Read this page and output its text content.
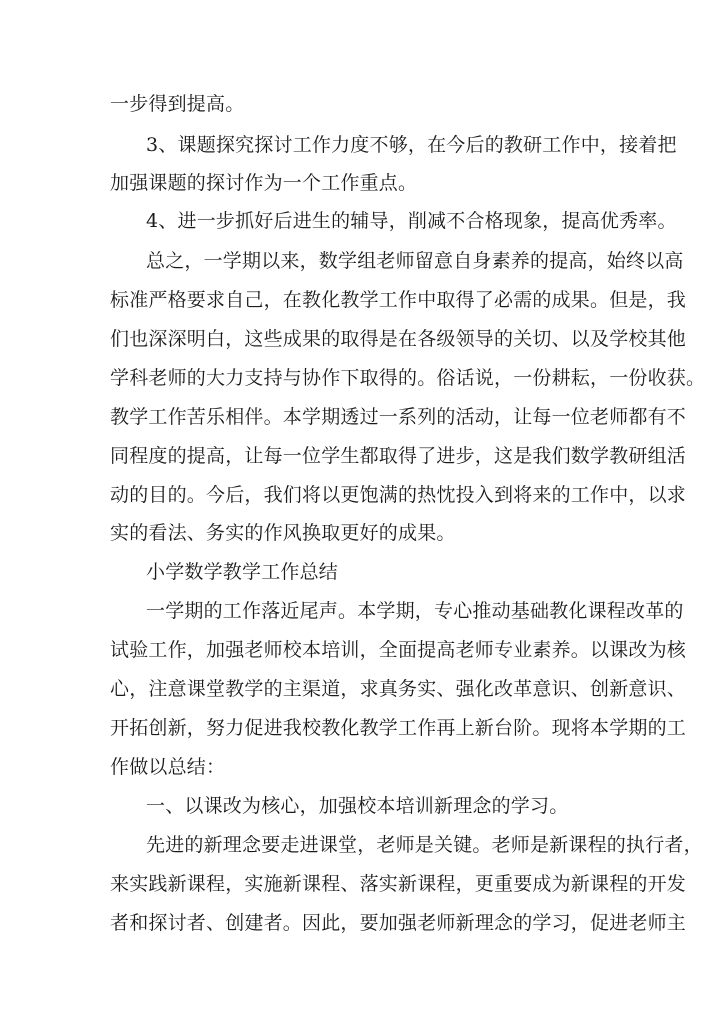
一步得到提高。
3、课题探究探讨工作力度不够，在今后的教研工作中，接着把
加强课题的探讨作为一个工作重点。
4、进一步抓好后进生的辅导，削减不合格现象，提高优秀率。
总之，一学期以来，数学组老师留意自身素养的提高，始终以高
标准严格要求自己，在教化教学工作中取得了必需的成果。但是，我
们也深深明白，这些成果的取得是在各级领导的关切、以及学校其他
学科老师的大力支持与协作下取得的。俗话说，一份耕耘，一份收获。
教学工作苦乐相伴。本学期透过一系列的活动，让每一位老师都有不
同程度的提高，让每一位学生都取得了进步，这是我们数学教研组活
动的目的。今后，我们将以更饱满的热忱投入到将来的工作中，以求
实的看法、务实的作风换取更好的成果。
小学数学教学工作总结
一学期的工作落近尾声。本学期，专心推动基础教化课程改革的
试验工作，加强老师校本培训，全面提高老师专业素养。以课改为核
心，注意课堂教学的主渠道，求真务实、强化改革意识、创新意识、
开拓创新，努力促进我校教化教学工作再上新台阶。现将本学期的工
作做以总结：
一、以课改为核心，加强校本培训新理念的学习。
先进的新理念要走进课堂，老师是关键。老师是新课程的执行者，
来实践新课程，实施新课程、落实新课程，更重要成为新课程的开发
者和探讨者、创建者。因此，要加强老师新理念的学习，促进老师主
